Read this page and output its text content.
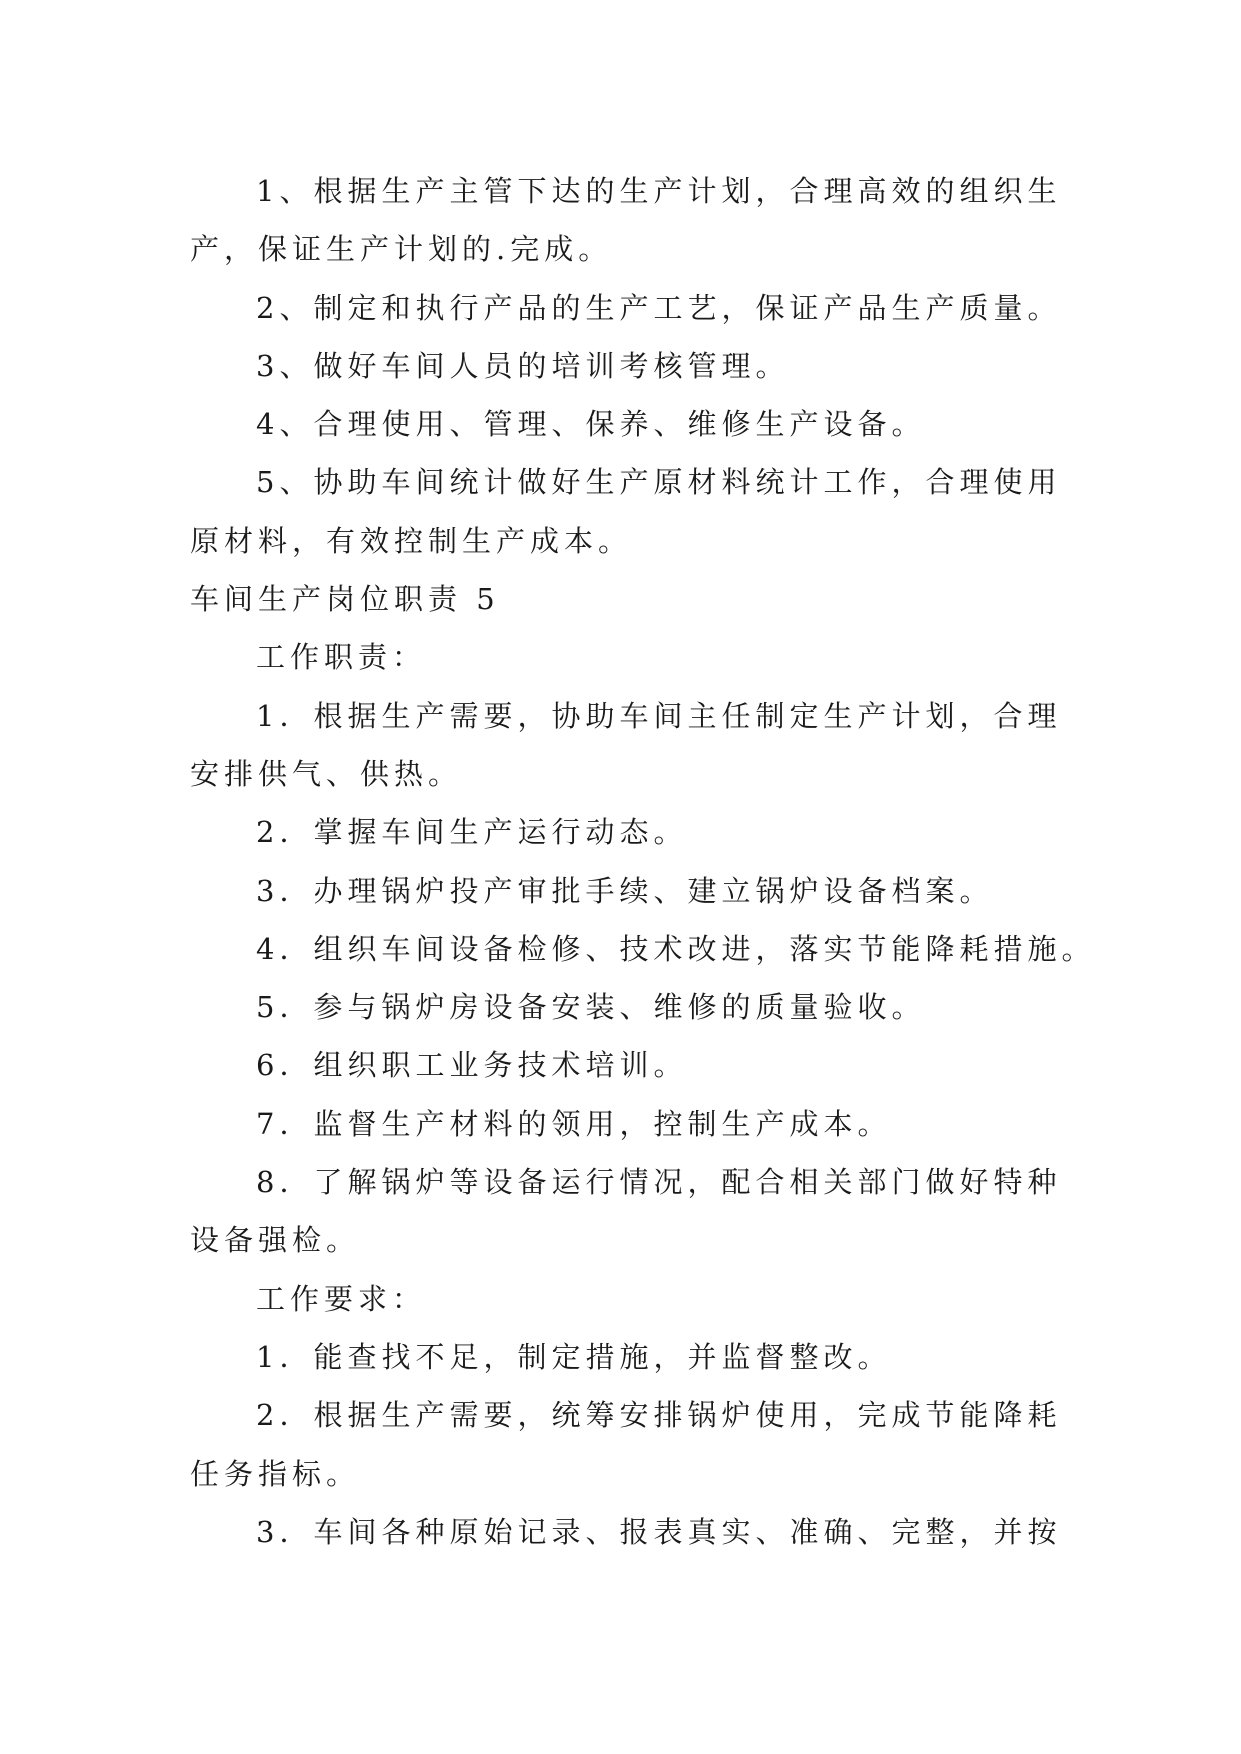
1、根据生产主管下达的生产计划，合理高效的组织生
产，保证生产计划的.完成。
2、制定和执行产品的生产工艺，保证产品生产质量。
3、做好车间人员的培训考核管理。
4、合理使用、管理、保养、维修生产设备。
5、协助车间统计做好生产原材料统计工作，合理使用
原材料，有效控制生产成本。
车间生产岗位职责 5
工作职责：
1．根据生产需要，协助车间主任制定生产计划，合理
安排供气、供热。
2．掌握车间生产运行动态。
3．办理锅炉投产审批手续、建立锅炉设备档案。
4．组织车间设备检修、技术改进，落实节能降耗措施。
5．参与锅炉房设备安装、维修的质量验收。
6．组织职工业务技术培训。
7．监督生产材料的领用，控制生产成本。
8．了解锅炉等设备运行情况，配合相关部门做好特种
设备强检。
工作要求：
1．能查找不足，制定措施，并监督整改。
2．根据生产需要，统筹安排锅炉使用，完成节能降耗
任务指标。
3．车间各种原始记录、报表真实、准确、完整，并按
